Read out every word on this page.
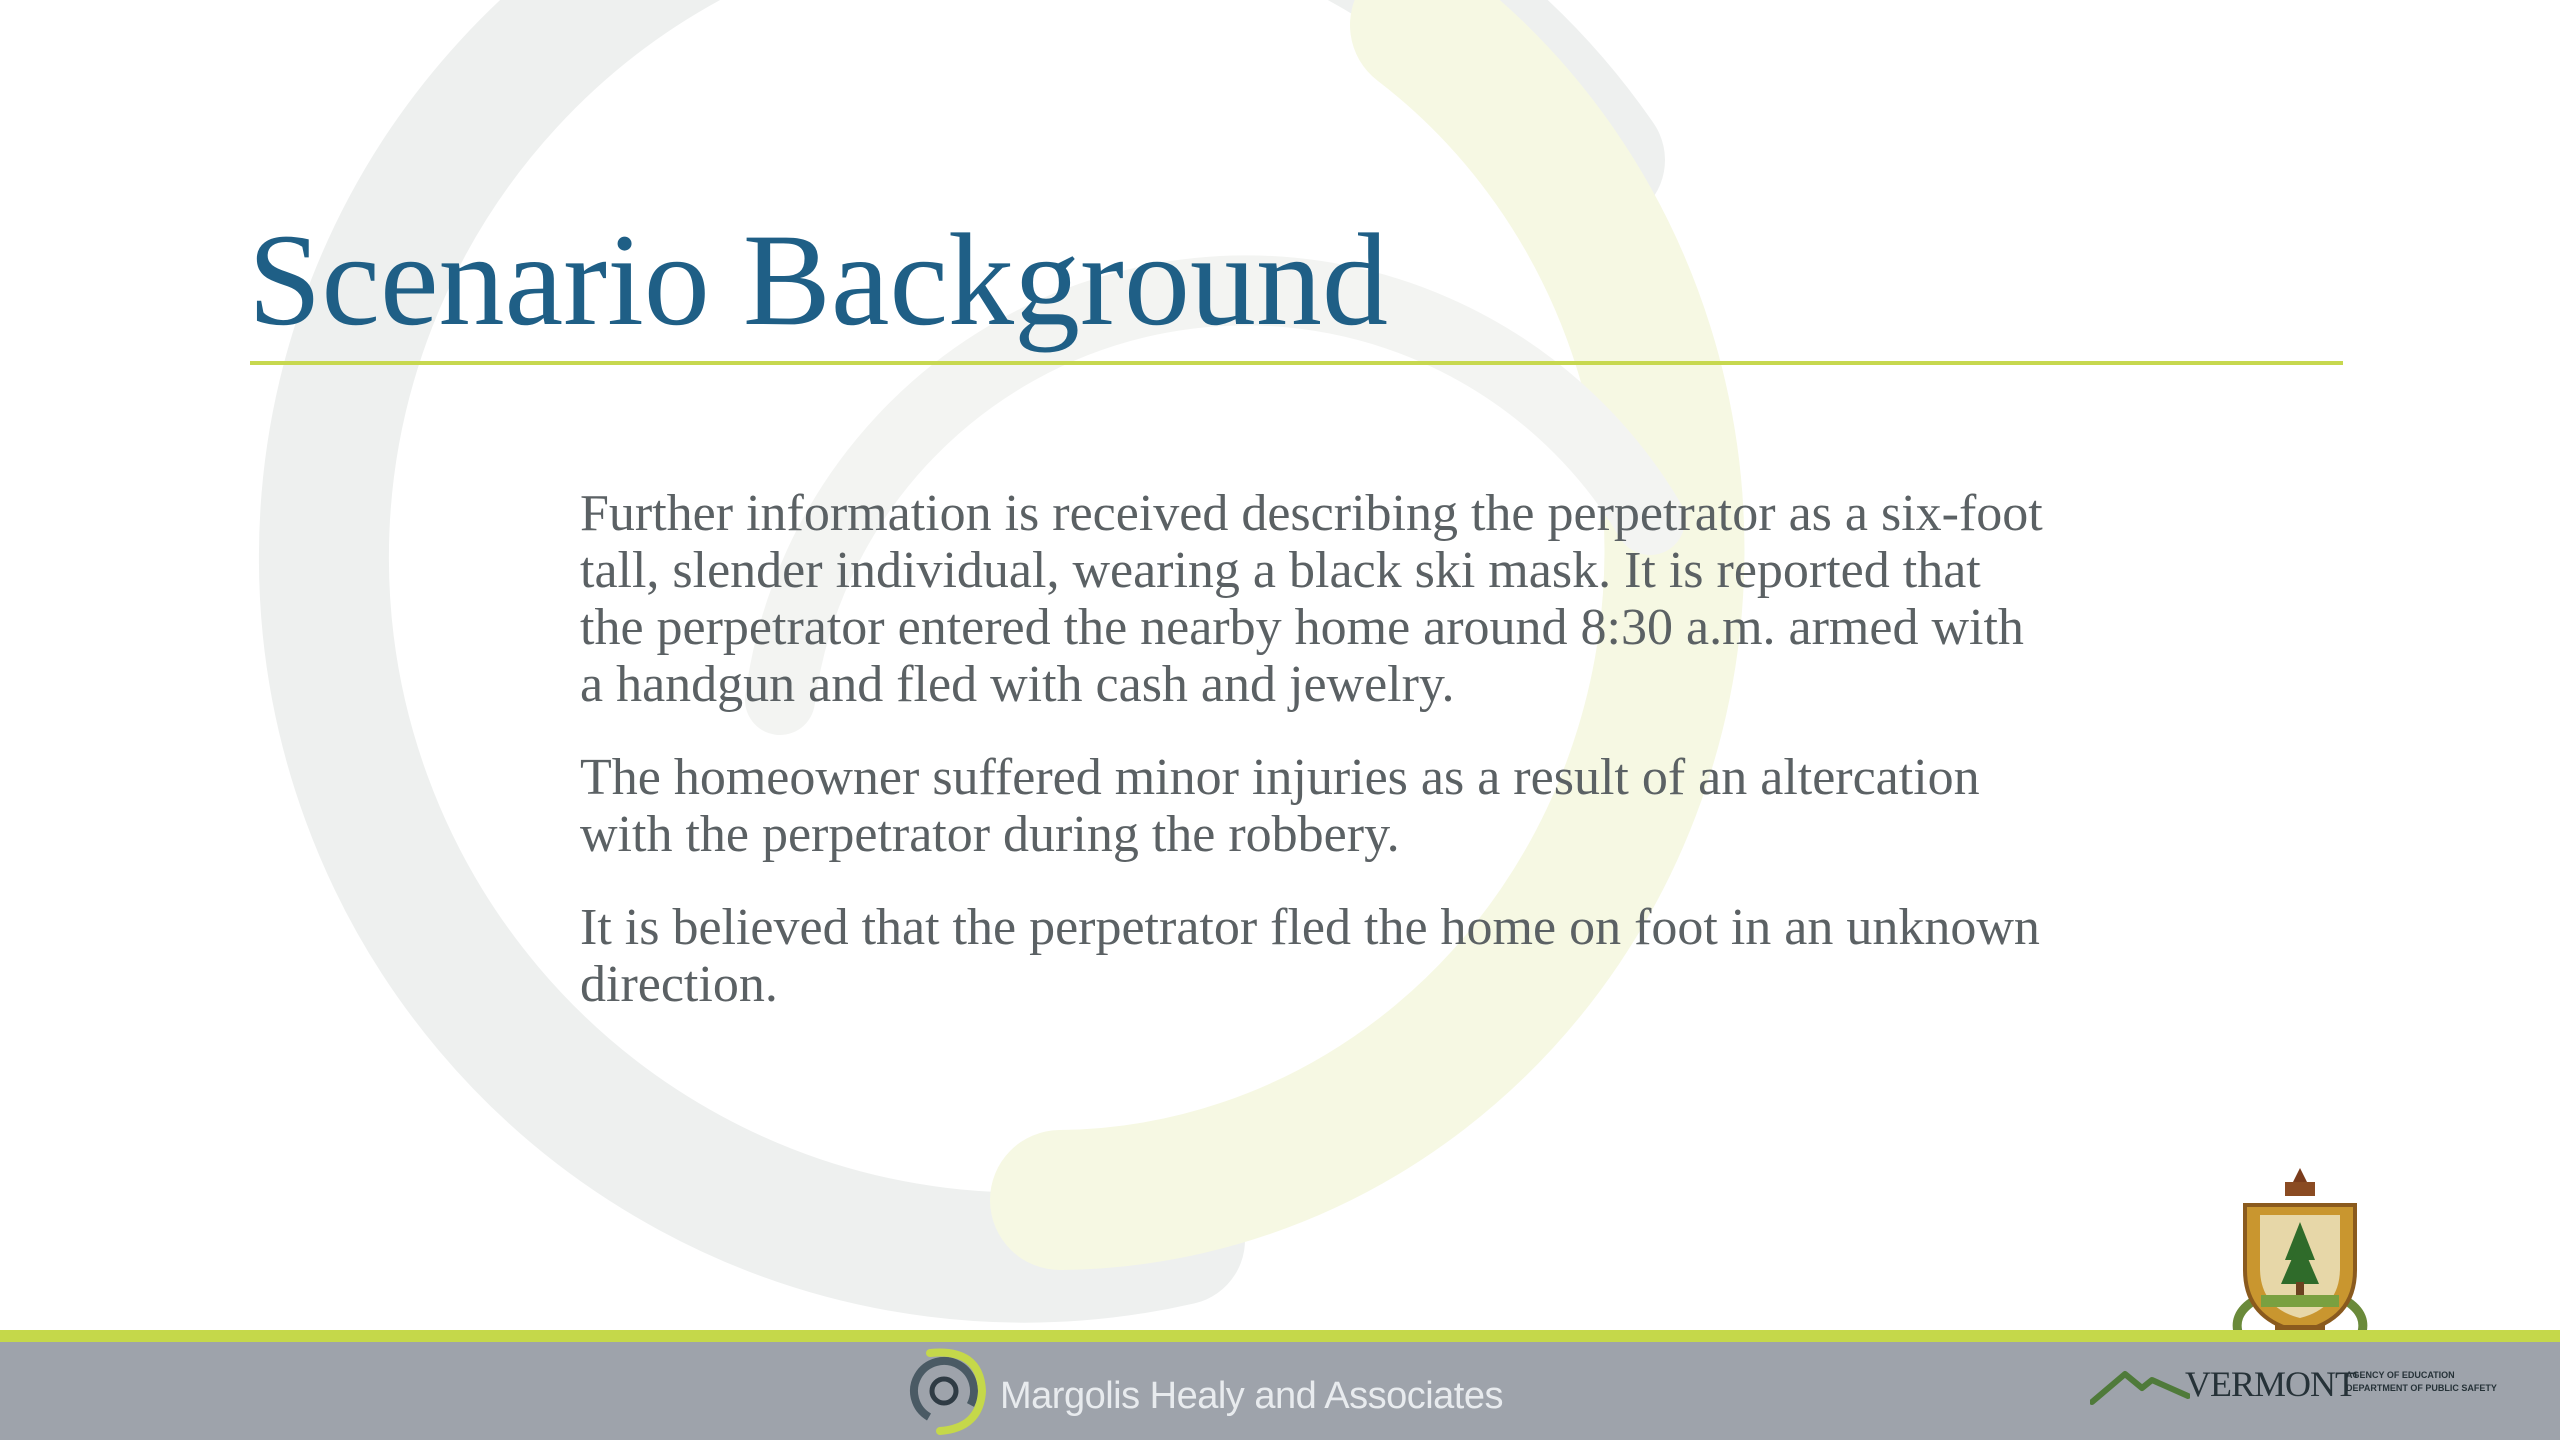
Scenario Background

Further information is received describing the perpetrator as a six-foot tall, slender individual, wearing a black ski mask. It is reported that the perpetrator entered the nearby home around 8:30 a.m. armed with a handgun and fled with cash and jewelry.

The homeowner suffered minor injuries as a result of an altercation with the perpetrator during the robbery.

It is believed that the perpetrator fled the home on foot in an unknown direction.

Margolis Healy and Associates	VERMONT
AGENCY OF EDUCATION
DEPARTMENT OF PUBLIC SAFETY
